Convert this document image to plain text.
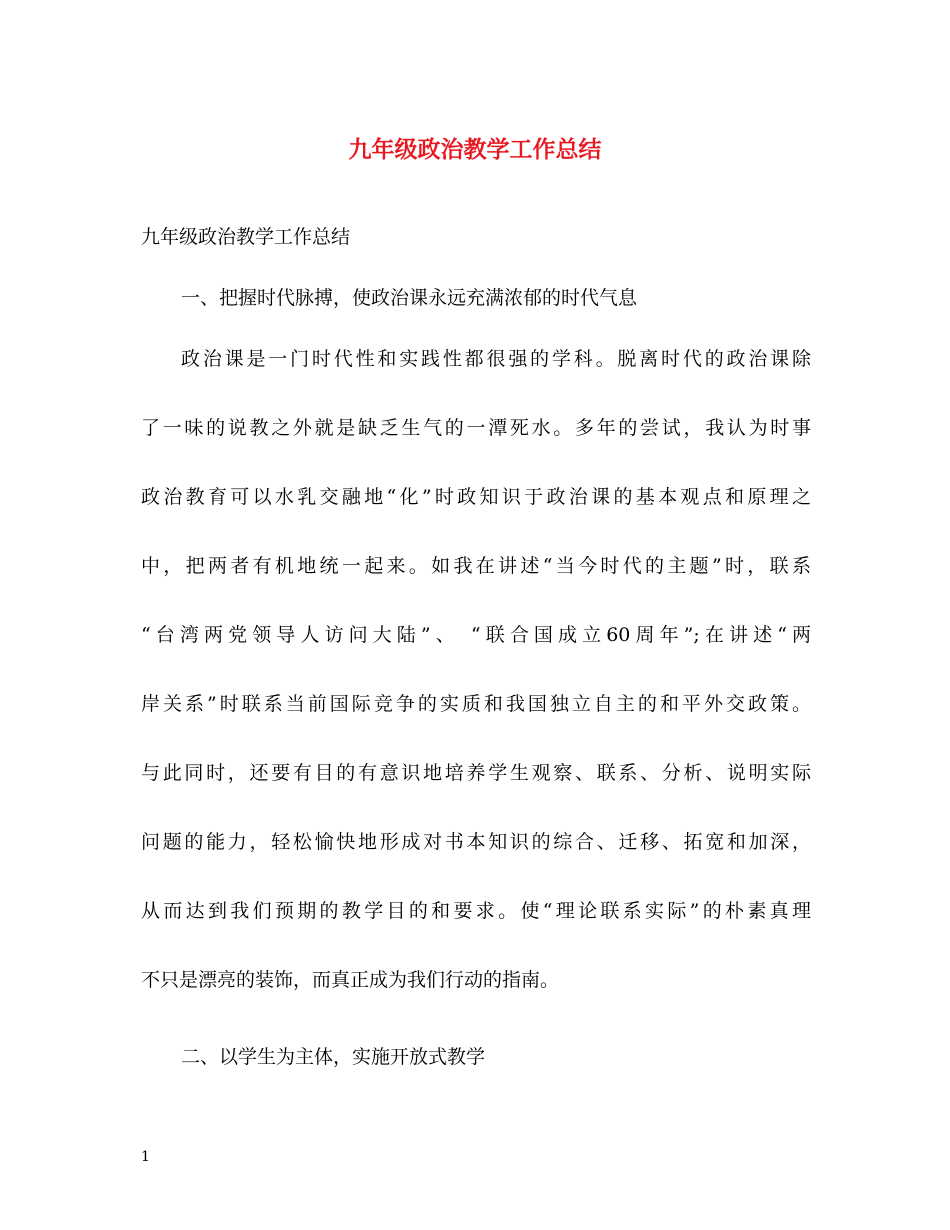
九年级政治教学工作总结

九年级政治教学工作总结

一、把握时代脉搏，使政治课永远充满浓郁的时代气息

政治课是一门时代性和实践性都很强的学科。脱离时代的政治课除
了一味的说教之外就是缺乏生气的一潭死水。多年的尝试，我认为时事
政治教育可以水乳交融地“化”时政知识于政治课的基本观点和原理之
中，把两者有机地统一起来。如我在讲述“当今时代的主题”时，联系
“台湾两党领导人访问大陆”、 “联合国成立60周年”;在讲述“两
岸关系”时联系当前国际竞争的实质和我国独立自主的和平外交政策。
与此同时，还要有目的有意识地培养学生观察、联系、分析、说明实际
问题的能力，轻松愉快地形成对书本知识的综合、迁移、拓宽和加深，
从而达到我们预期的教学目的和要求。使“理论联系实际”的朴素真理
不只是漂亮的装饰，而真正成为我们行动的指南。

二、以学生为主体，实施开放式教学

1
